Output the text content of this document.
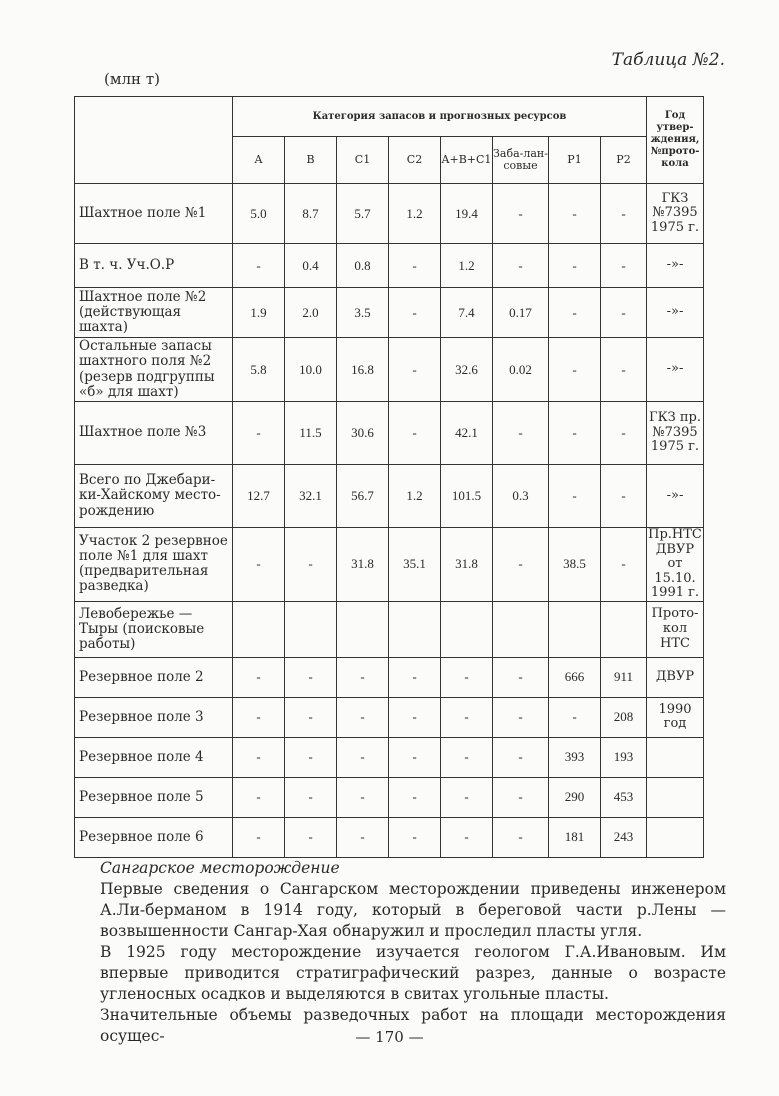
Таблица №2.
(млн т)
	Категория запасов и прогнозных ресурсов								Год утвер-ждения, №прото-кола
	A	B	C1	C2	A+B+C1	Заба-лан-совые	P1	P2	
Шахтное поле №1	5.0	8.7	5.7	1.2	19.4	-	-	-	ГКЗ №7395 1975 г.
В т. ч. Уч.О.Р	-	0.4	0.8	-	1.2	-	-	-	-»-
Шахтное поле №2 (действующая шахта)	1.9	2.0	3.5	-	7.4	0.17	-	-	-»-
Остальные запасы шахтного поля №2 (резерв подгруппы «б» для шахт)	5.8	10.0	16.8	-	32.6	0.02	-	-	-»-
Шахтное поле №3	-	11.5	30.6	-	42.1	-	-	-	ГКЗ пр. №7395 1975 г.
Всего по Джебари-ки-Хайскому место-рождению	12.7	32.1	56.7	1.2	101.5	0.3	-	-	-»-
Участок 2 резервное поле №1 для шахт (предварительная разведка)	-	-	31.8	35.1	31.8	-	38.5	-	Пр.НТС ДВУР от 15.10. 1991 г.
Левобережье — Тыры (поисковые работы)									Прото-кол НТС
Резервное поле 2	-	-	-	-	-	-	666	911	ДВУР
Резервное поле 3	-	-	-	-	-	-	-	208	1990 год
Резервное поле 4	-	-	-	-	-	-	393	193	
Резервное поле 5	-	-	-	-	-	-	290	453	
Резервное поле 6	-	-	-	-	-	-	181	243	

Сангарское месторождение

Первые сведения о Сангарском месторождении приведены инженером А.Ли-берманом в 1914 году, который в береговой части р.Лены — возвышенности Сангар-Хая обнаружил и проследил пласты угля.

В 1925 году месторождение изучается геологом Г.А.Ивановым. Им впервые приводится стратиграфический разрез, данные о возрасте угленосных осадков и выделяются в свитах угольные пласты.

Значительные объемы разведочных работ на площади месторождения осущес-	— 170 —
